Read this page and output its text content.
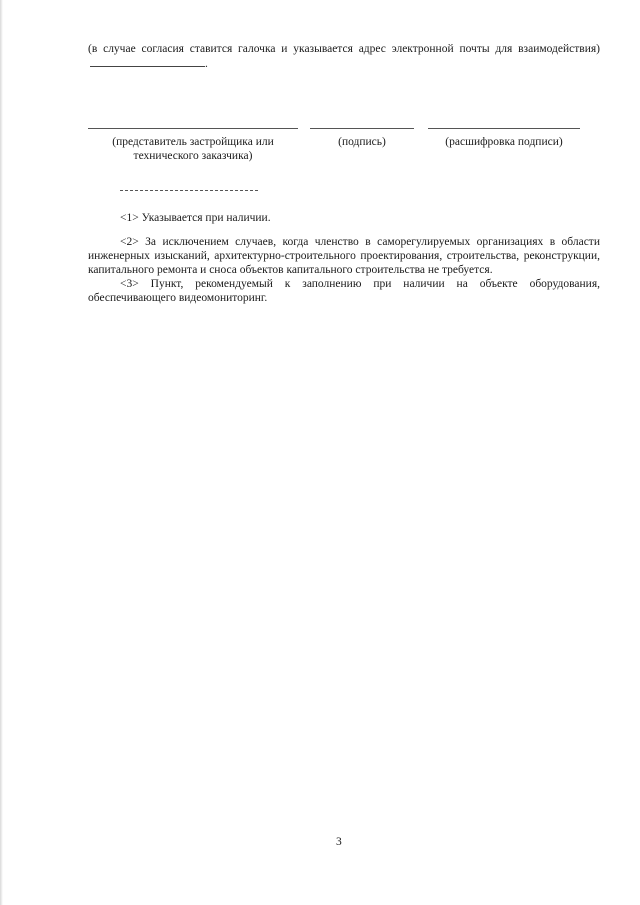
(в случае согласия ставится галочка и указывается адрес электронной почты для взаимодействия).

(представитель застройщика или технического заказчика)
(подпись)	(расшифровка подписи)

<1> Указывается при наличии.

<2> За исключением случаев, когда членство в саморегулируемых организациях в области инженерных изысканий, архитектурно-строительного проектирования, строительства, реконструкции, капитального ремонта и сноса объектов капитального строительства не требуется.

<3> Пункт, рекомендуемый к заполнению при наличии на объекте оборудования, обеспечивающего видеомониторинг.

3
